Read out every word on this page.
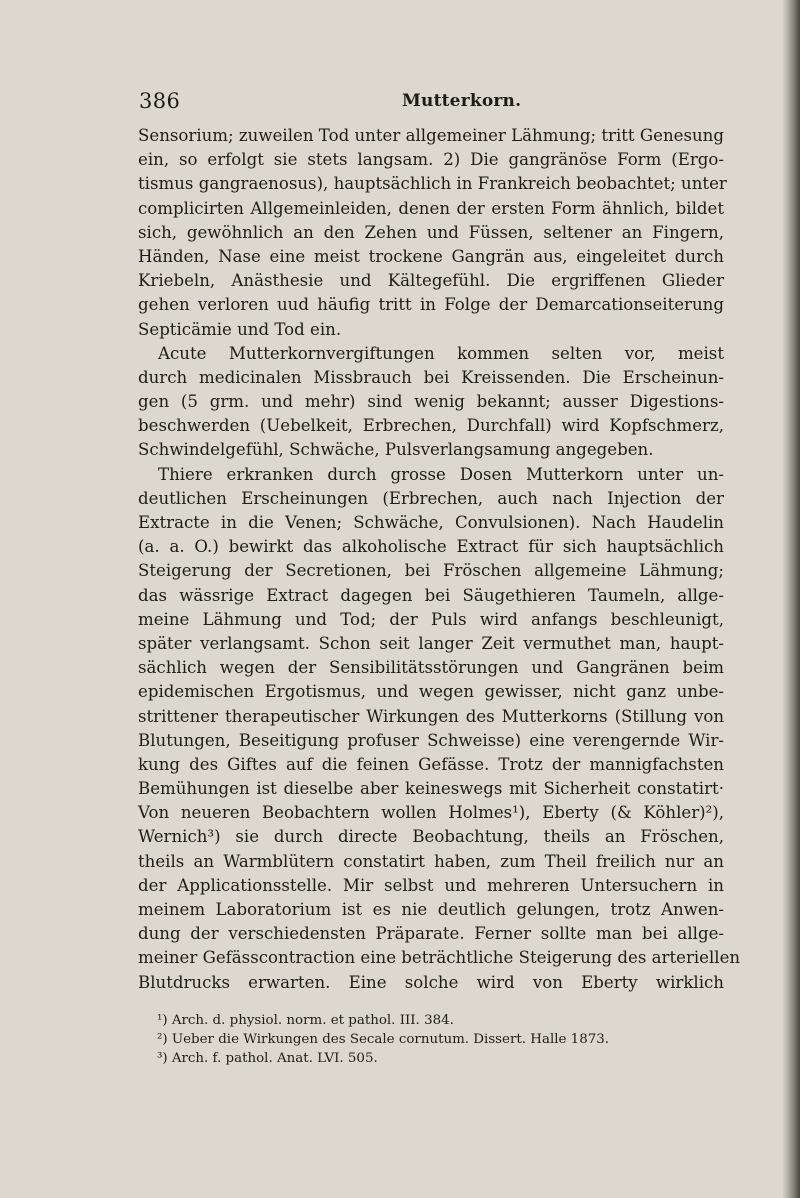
386	Mutterkorn.
Sensorium; zuweilen Tod unter allgemeiner Lähmung; tritt Genesung
ein, so erfolgt sie stets langsam. 2) Die gangränöse Form (Ergo-
tismus gangraenosus), hauptsächlich in Frankreich beobachtet; unter
complicirten Allgemeinleiden, denen der ersten Form ähnlich, bildet
sich, gewöhnlich an den Zehen und Füssen, seltener an Fingern,
Händen, Nase eine meist trockene Gangrän aus, eingeleitet durch
Kriebeln, Anästhesie und Kältegefühl. Die ergriffenen Glieder
gehen verloren uud häufig tritt in Folge der Demarcationseiterung
Septicämie und Tod ein.
Acute Mutterkornvergiftungen kommen selten vor, meist
durch medicinalen Missbrauch bei Kreissenden. Die Erscheinun-
gen (5 grm. und mehr) sind wenig bekannt; ausser Digestions-
beschwerden (Uebelkeit, Erbrechen, Durchfall) wird Kopfschmerz,
Schwindelgefühl, Schwäche, Pulsverlangsamung angegeben.
Thiere erkranken durch grosse Dosen Mutterkorn unter un-
deutlichen Erscheinungen (Erbrechen, auch nach Injection der
Extracte in die Venen; Schwäche, Convulsionen). Nach Haudelin
(a. a. O.) bewirkt das alkoholische Extract für sich hauptsächlich
Steigerung der Secretionen, bei Fröschen allgemeine Lähmung;
das wässrige Extract dagegen bei Säugethieren Taumeln, allge-
meine Lähmung und Tod; der Puls wird anfangs beschleunigt,
später verlangsamt. Schon seit langer Zeit vermuthet man, haupt-
sächlich wegen der Sensibilitätsstörungen und Gangränen beim
epidemischen Ergotismus, und wegen gewisser, nicht ganz unbe-
strittener therapeutischer Wirkungen des Mutterkorns (Stillung von
Blutungen, Beseitigung profuser Schweisse) eine verengernde Wir-
kung des Giftes auf die feinen Gefässe. Trotz der mannigfachsten
Bemühungen ist dieselbe aber keineswegs mit Sicherheit constatirt·
Von neueren Beobachtern wollen Holmes¹), Eberty (& Köhler)²),
Wernich³) sie durch directe Beobachtung, theils an Fröschen,
theils an Warmblütern constatirt haben, zum Theil freilich nur an
der Applicationsstelle. Mir selbst und mehreren Untersuchern in
meinem Laboratorium ist es nie deutlich gelungen, trotz Anwen-
dung der verschiedensten Präparate. Ferner sollte man bei allge-
meiner Gefässcontraction eine beträchtliche Steigerung des arteriellen
Blutdrucks erwarten. Eine solche wird von Eberty wirklich
¹) Arch. d. physiol. norm. et pathol. III. 384.
²) Ueber die Wirkungen des Secale cornutum. Dissert. Halle 1873.
³) Arch. f. pathol. Anat. LVI. 505.
